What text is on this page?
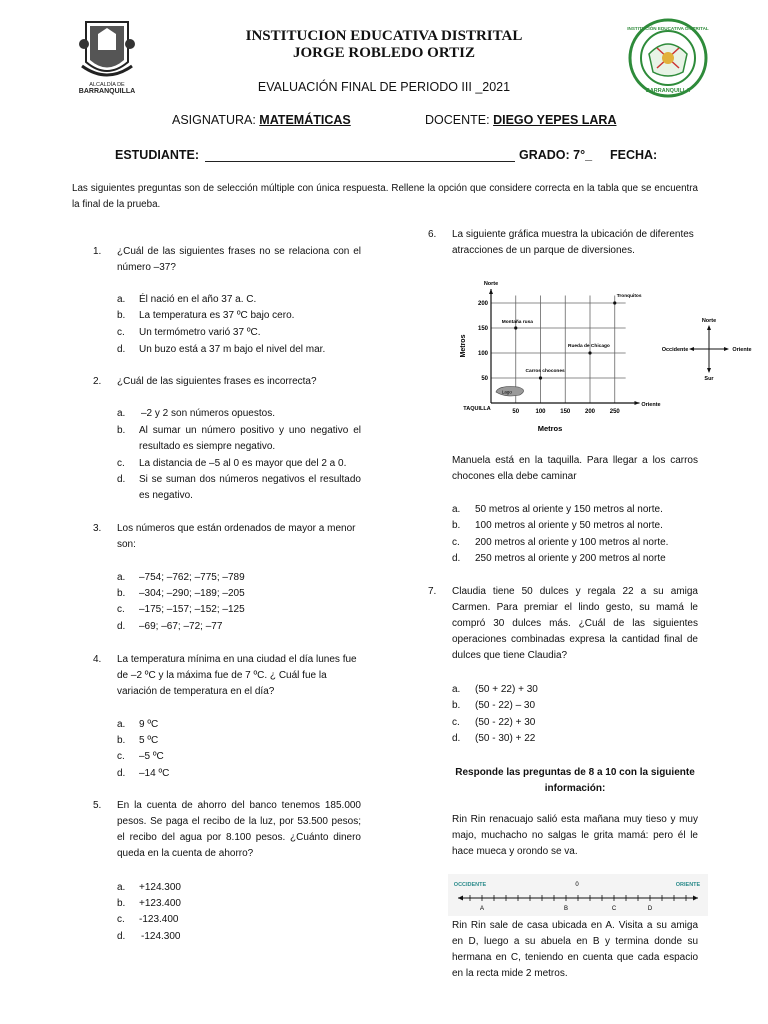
ALCALDÍA DE
BARRANQUILLA
INSTITUCIÓN EDUCATIVA DISTRITAL
BARRANQUILLA
INSTITUCION EDUCATIVA DISTRITAL
JORGE ROBLEDO ORTIZ
EVALUACIÓN FINAL DE PERIODO III _2021
ASIGNATURA: MATEMÁTICAS	DOCENTE: DIEGO YEPES LARA
ESTUDIANTE:	GRADO: 7°_ FECHA:
Las siguientes preguntas son de selección múltiple con única respuesta. Rellene la opción que considere correcta en la tabla que se encuentra la final de la prueba.
1. ¿Cuál de las siguientes frases no se relaciona con el número –37?
a. Él nació en el año 37 a. C.
b. La temperatura es 37 ºC bajo cero.
c. Un termómetro varió 37 ºC.
d. Un buzo está a 37 m bajo el nivel del mar.
2. ¿Cuál de las siguientes frases es incorrecta?
a. –2 y 2 son números opuestos.
b. Al sumar un número positivo y uno negativo el resultado es siempre negativo.
c. La distancia de –5 al 0 es mayor que del 2 a 0.
d. Si se suman dos números negativos el resultado es negativo.
3. Los números que están ordenados de mayor a menor son:
a. –754; –762; –775; –789
b. –304; –290; –189; –205
c. –175; –157; –152; –125
d. –69; –67; –72; –77
4. La temperatura mínima en una ciudad el día lunes fue de –2 ºC y la máxima fue de 7 ºC. ¿ Cuál fue la variación de temperatura en el día?
a. 9 ºC
b. 5 ºC
c. –5 ºC
d. –14 ºC
5. En la cuenta de ahorro del banco tenemos 185.000 pesos. Se paga el recibo de la luz, por 53.500 pesos; el recibo del agua por 8.100 pesos. ¿Cuánto dinero queda en la cuenta de ahorro?
a. +124.300
b. +123.400
c. -123.400
d. -124.300
6. La siguiente gráfica muestra la ubicación de diferentes atracciones de un parque de diversiones.
50	100 150 200 250
50
100
150
200
Tronquitos
Montaña rusa
Rueda de Chicago
Carros chocones
Lago
Metros
Metros
Norte
Oriente
TAQUILLA
Norte
Sur
Occidente	Oriente
Manuela está en la taquilla. Para llegar a los carros chocones ella debe caminar
a. 50 metros al oriente y 150 metros al norte.
b. 100 metros al oriente y 50 metros al norte.
c. 200 metros al oriente y 100 metros al norte.
d. 250 metros al oriente y 200 metros al norte
7. Claudia tiene 50 dulces y regala 22 a su amiga Carmen. Para premiar el lindo gesto, su mamá le compró 30 dulces más. ¿Cuál de las siguientes operaciones combinadas expresa la cantidad final de dulces que tiene Claudia?
a. (50 + 22) + 30
b. (50 - 22) – 30
c. (50 - 22) + 30
d. (50 - 30) + 22
Responde las preguntas de 8 a 10 con la siguiente información:
Rin Rin renacuajo salió esta mañana muy tieso y muy majo, muchacho no salgas le grita mamá: pero él le hace mueca y orondo se va.
A	B	C	D
OCCIDENTE	ORIENTE
0
Rin Rin sale de casa ubicada en A. Visita a su amiga en D, luego a su abuela en B y termina donde su hermana en C, teniendo en cuenta que cada espacio en la recta mide 2 metros.
